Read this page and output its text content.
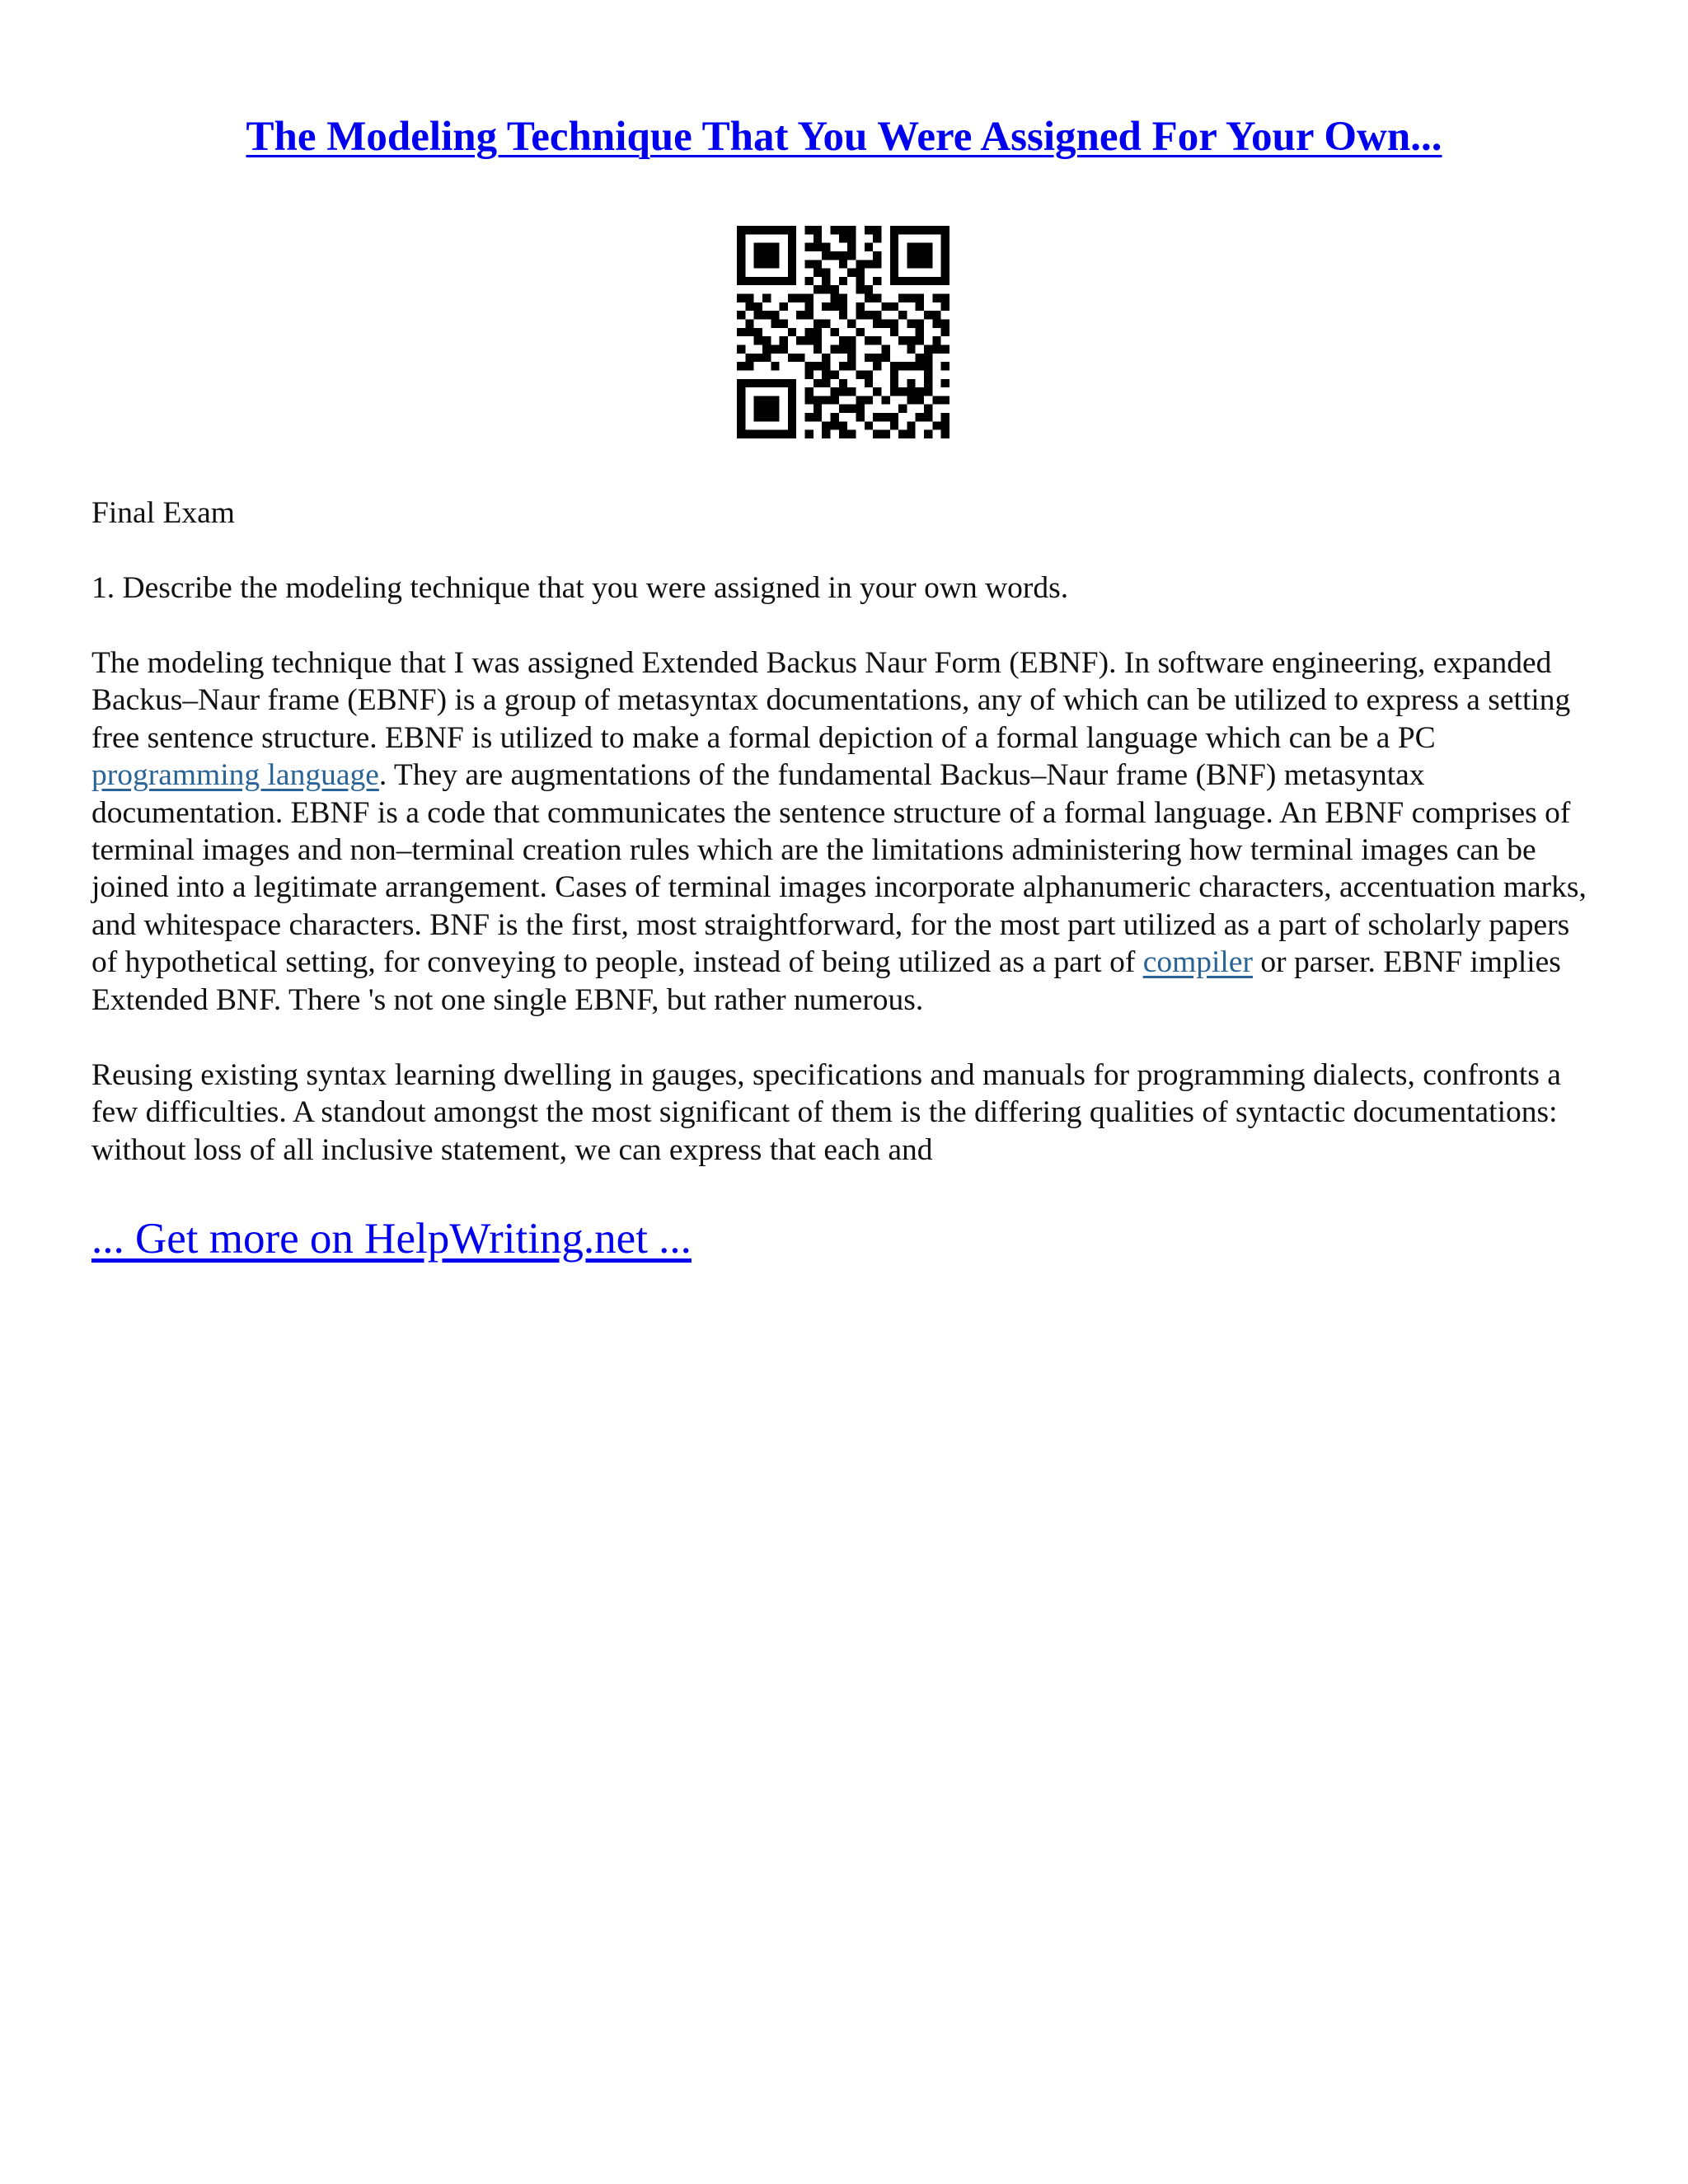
The Modeling Technique That You Were Assigned For Your Own...

Final Exam

1. Describe the modeling technique that you were assigned in your own words.

The modeling technique that I was assigned Extended Backus Naur Form (EBNF). In software engineering, expanded Backus–Naur frame (EBNF) is a group of metasyntax documentations, any of which can be utilized to express a setting free sentence structure. EBNF is utilized to make a formal depiction of a formal language which can be a PC programming language. They are augmentations of the fundamental Backus–Naur frame (BNF) metasyntax documentation. EBNF is a code that communicates the sentence structure of a formal language. An EBNF comprises of terminal images and non–terminal creation rules which are the limitations administering how terminal images can be joined into a legitimate arrangement. Cases of terminal images incorporate alphanumeric characters, accentuation marks, and whitespace characters. BNF is the first, most straightforward, for the most part utilized as a part of scholarly papers of hypothetical setting, for conveying to people, instead of being utilized as a part of compiler or parser. EBNF implies Extended BNF. There 's not one single EBNF, but rather numerous.

Reusing existing syntax learning dwelling in gauges, specifications and manuals for programming dialects, confronts a few difficulties. A standout amongst the most significant of them is the differing qualities of syntactic documentations: without loss of all inclusive statement, we can express that each and

... Get more on HelpWriting.net ...
